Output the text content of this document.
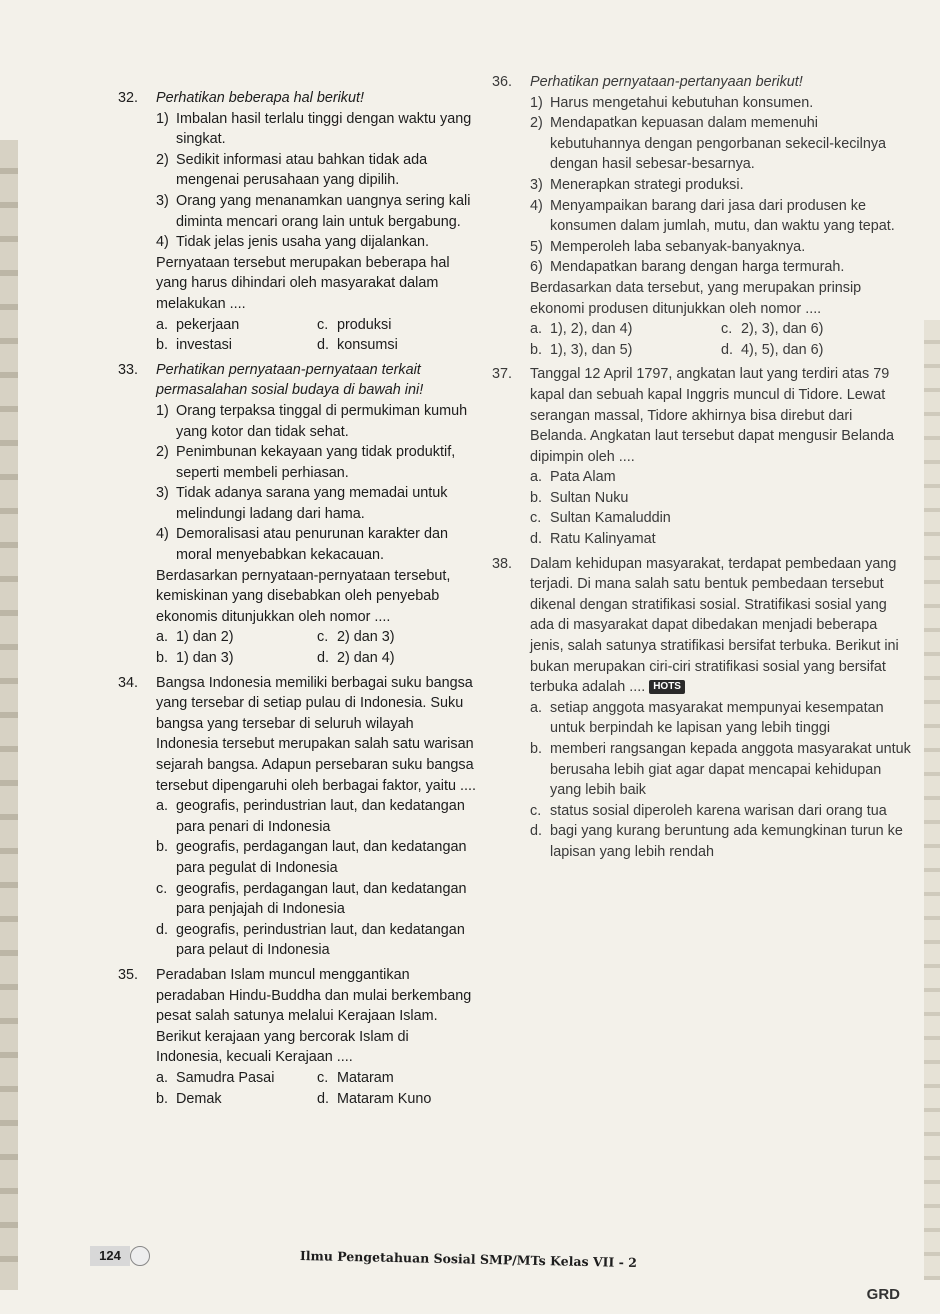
32. Perhatikan beberapa hal berikut!

1) Imbalan hasil terlalu tinggi dengan waktu yang singkat.
2) Sedikit informasi atau bahkan tidak ada mengenai perusahaan yang dipilih.
3) Orang yang menanamkan uangnya sering kali diminta mencari orang lain untuk bergabung.
4) Tidak jelas jenis usaha yang dijalankan.

Pernyataan tersebut merupakan beberapa hal yang harus dihindari oleh masyarakat dalam melakukan ....

a. pekerjaan	c. produksi
b. investasi	d. konsumsi
33. Perhatikan pernyataan-pernyataan terkait permasalahan sosial budaya di bawah ini!

1) Orang terpaksa tinggal di permukiman kumuh yang kotor dan tidak sehat.
2) Penimbunan kekayaan yang tidak produktif, seperti membeli perhiasan.
3) Tidak adanya sarana yang memadai untuk melindungi ladang dari hama.
4) Demoralisasi atau penurunan karakter dan moral menyebabkan kekacauan.

Berdasarkan pernyataan-pernyataan tersebut, kemiskinan yang disebabkan oleh penyebab ekonomis ditunjukkan oleh nomor ....

a. 1) dan 2)	c. 2) dan 3)
b. 1) dan 3)	d. 2) dan 4)
34. Bangsa Indonesia memiliki berbagai suku bangsa yang tersebar di setiap pulau di Indonesia. Suku bangsa yang tersebar di seluruh wilayah Indonesia tersebut merupakan salah satu warisan sejarah bangsa. Adapun persebaran suku bangsa tersebut dipengaruhi oleh berbagai faktor, yaitu ....

a. geografis, perindustrian laut, dan kedatangan para penari di Indonesia
b. geografis, perdagangan laut, dan kedatangan para pegulat di Indonesia
c. geografis, perdagangan laut, dan kedatangan para penjajah di Indonesia
d. geografis, perindustrian laut, dan kedatangan para pelaut di Indonesia
35. Peradaban Islam muncul menggantikan peradaban Hindu-Buddha dan mulai berkembang pesat salah satunya melalui Kerajaan Islam. Berikut kerajaan yang bercorak Islam di Indonesia, kecuali Kerajaan ....

a. Samudra Pasai	c. Mataram
b. Demak	d. Mataram Kuno
36. Perhatikan pernyataan-pertanyaan berikut!

1) Harus mengetahui kebutuhan konsumen.
2) Mendapatkan kepuasan dalam memenuhi kebutuhannya dengan pengorbanan sekecil-kecilnya dengan hasil sebesar-besarnya.
3) Menerapkan strategi produksi.
4) Menyampaikan barang dari jasa dari produsen ke konsumen dalam jumlah, mutu, dan waktu yang tepat.
5) Memperoleh laba sebanyak-banyaknya.
6) Mendapatkan barang dengan harga termurah.

Berdasarkan data tersebut, yang merupakan prinsip ekonomi produsen ditunjukkan oleh nomor ....

a. 1), 2), dan 4)	c. 2), 3), dan 6)
b. 1), 3), dan 5)	d. 4), 5), dan 6)
37. Tanggal 12 April 1797, angkatan laut yang terdiri atas 79 kapal dan sebuah kapal Inggris muncul di Tidore. Lewat serangan massal, Tidore akhirnya bisa direbut dari Belanda. Angkatan laut tersebut dapat mengusir Belanda dipimpin oleh ....

a. Pata Alam
b. Sultan Nuku
c. Sultan Kamaluddin
d. Ratu Kalinyamat
38. Dalam kehidupan masyarakat, terdapat pembedaan yang terjadi. Di mana salah satu bentuk pembedaan tersebut dikenal dengan stratifikasi sosial. Stratifikasi sosial yang ada di masyarakat dapat dibedakan menjadi beberapa jenis, salah satunya stratifikasi bersifat terbuka. Berikut ini bukan merupakan ciri-ciri stratifikasi sosial yang bersifat terbuka adalah .... HOTS

a. setiap anggota masyarakat mempunyai kesempatan untuk berpindah ke lapisan yang lebih tinggi
b. memberi rangsangan kepada anggota masyarakat untuk berusaha lebih giat agar dapat mencapai kehidupan yang lebih baik
c. status sosial diperoleh karena warisan dari orang tua
d. bagi yang kurang beruntung ada kemungkinan turun ke lapisan yang lebih rendah
124	Ilmu Pengetahuan Sosial SMP/MTs Kelas VII - 2
GRD
